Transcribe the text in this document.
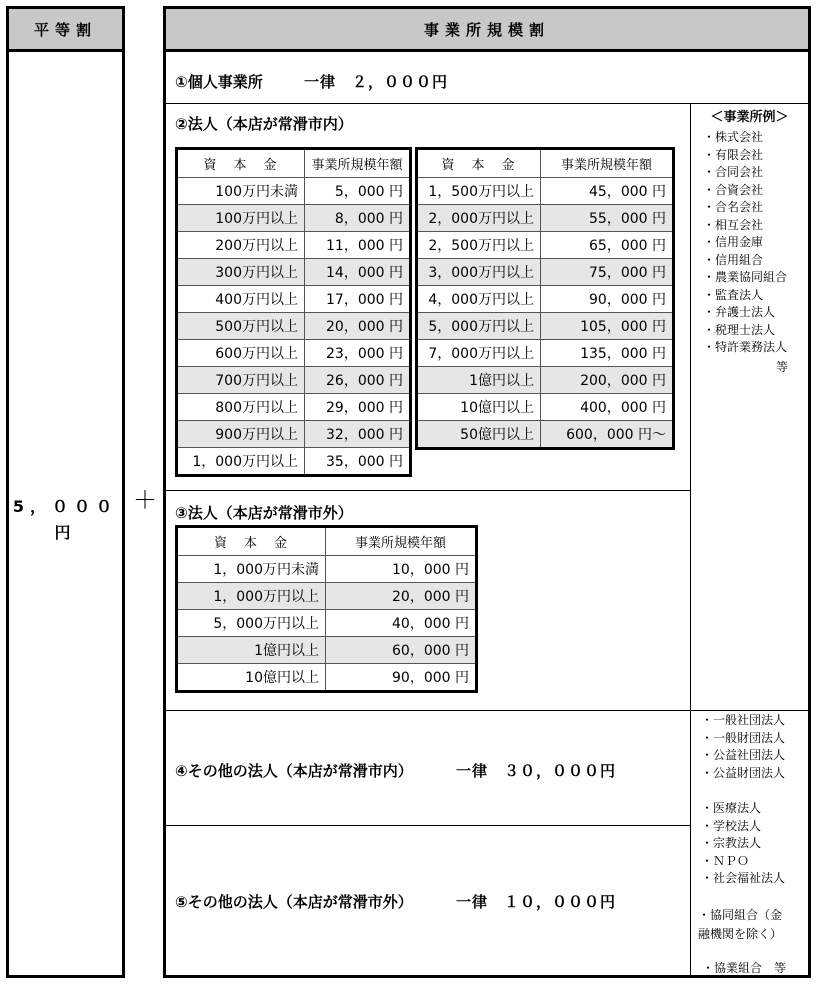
平等割
5，０００
円
＋
事業所規模割
①個人事業所	一律　２，０００円
②法人（本店が常滑市内）
資　本　金	事業所規模年額
100万円未満	5，000 円
100万円以上	8，000 円
200万円以上	11，000 円
300万円以上	14，000 円
400万円以上	17，000 円
500万円以上	20，000 円
600万円以上	23，000 円
700万円以上	26，000 円
800万円以上	29，000 円
900万円以上	32，000 円
1，000万円以上	35，000 円
資　本　金	事業所規模年額
1，500万円以上	45，000 円
2，000万円以上	55，000 円
2，500万円以上	65，000 円
3，000万円以上	75，000 円
4，000万円以上	90，000 円
5，000万円以上	105，000 円
7，000万円以上	135，000 円
1億円以上	200，000 円
10億円以上	400，000 円
50億円以上	600，000 円～
③法人（本店が常滑市外）
資　本　金	事業所規模年額
1，000万円未満	10，000 円
1，000万円以上	20，000 円
5，000万円以上	40，000 円
1億円以上	60，000 円
10億円以上	90，000 円
④その他の法人（本店が常滑市内）	一律　３０，０００円
⑤その他の法人（本店が常滑市外）	一律　１０，０００円
＜事業所例＞
・株式会社
・有限会社
・合同会社
・合資会社
・合名会社
・相互会社
・信用金庫
・信用組合
・農業協同組合
・監査法人
・弁護士法人
・税理士法人
・特許業務法人
等
・一般社団法人
・一般財団法人
・公益社団法人
・公益財団法人
・医療法人
・学校法人
・宗教法人
・ＮＰＯ
・社会福祉法人
・協同組合（金
融機関を除く）
・協業組合　等
